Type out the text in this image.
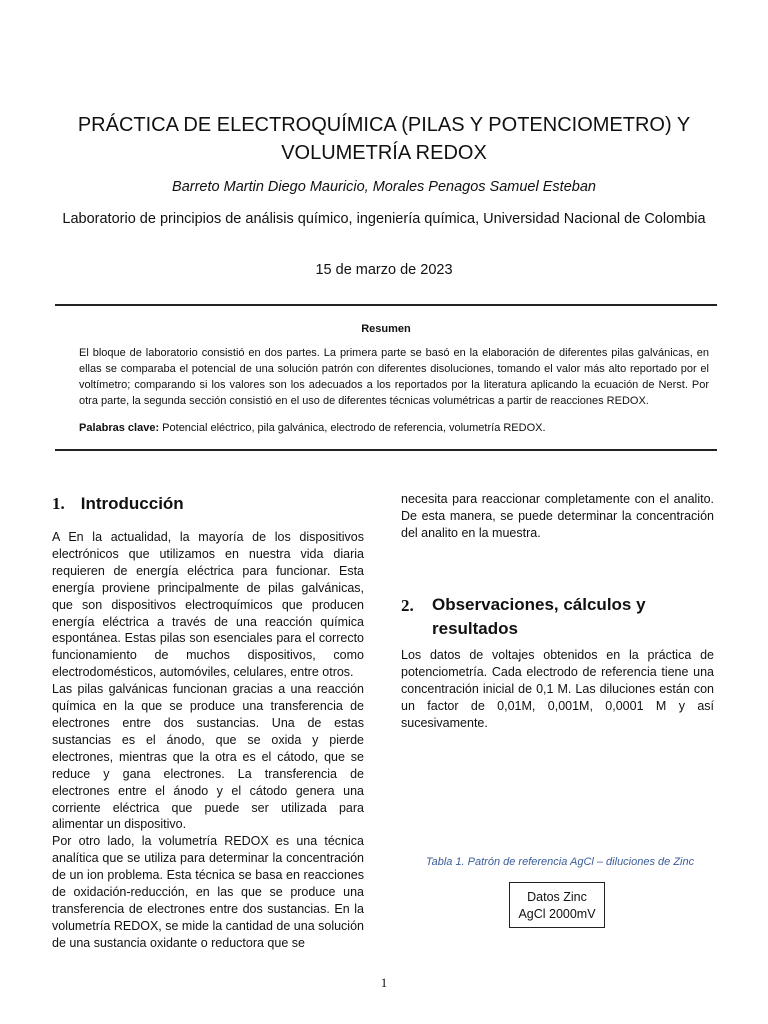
PRÁCTICA DE ELECTROQUÍMICA (PILAS Y POTENCIOMETRO) Y VOLUMETRÍA REDOX
Barreto Martin Diego Mauricio, Morales Penagos Samuel Esteban
Laboratorio de principios de análisis químico, ingeniería química, Universidad Nacional de Colombia
15 de marzo de 2023
Resumen
El bloque de laboratorio consistió en dos partes. La primera parte se basó en la elaboración de diferentes pilas galvánicas, en ellas se comparaba el potencial de una solución patrón con diferentes disoluciones, tomando el valor más alto reportado por el voltímetro; comparando si los valores son los adecuados a los reportados por la literatura aplicando la ecuación de Nerst. Por otra parte, la segunda sección consistió en el uso de diferentes técnicas volumétricas a partir de reacciones REDOX.
Palabras clave: Potencial eléctrico, pila galvánica, electrodo de referencia, volumetría REDOX.
1. Introducción

A En la actualidad, la mayoría de los dispositivos electrónicos que utilizamos en nuestra vida diaria requieren de energía eléctrica para funcionar. Esta energía proviene principalmente de pilas galvánicas, que son dispositivos electroquímicos que producen energía eléctrica a través de una reacción química espontánea. Estas pilas son esenciales para el correcto funcionamiento de muchos dispositivos, como electrodomésticos, automóviles, celulares, entre otros.

Las pilas galvánicas funcionan gracias a una reacción química en la que se produce una transferencia de electrones entre dos sustancias. Una de estas sustancias es el ánodo, que se oxida y pierde electrones, mientras que la otra es el cátodo, que se reduce y gana electrones. La transferencia de electrones entre el ánodo y el cátodo genera una corriente eléctrica que puede ser utilizada para alimentar un dispositivo.

Por otro lado, la volumetría REDOX es una técnica analítica que se utiliza para determinar la concentración de un ion problema. Esta técnica se basa en reacciones de oxidación-reducción, en las que se produce una transferencia de electrones entre dos sustancias. En la volumetría REDOX, se mide la cantidad de una solución de una sustancia oxidante o reductora que se

necesita para reaccionar completamente con el analito. De esta manera, se puede determinar la concentración del analito en la muestra.
2. Observaciones, cálculos y resultados
Los datos de voltajes obtenidos en la práctica de potenciometría. Cada electrodo de referencia tiene una concentración inicial de 0,1 M. Las diluciones están con un factor de 0,01M, 0,001M, 0,0001 M y así sucesivamente.
Tabla 1. Patrón de referencia AgCl – diluciones de Zinc
Datos Zinc
AgCl 2000mV
1
